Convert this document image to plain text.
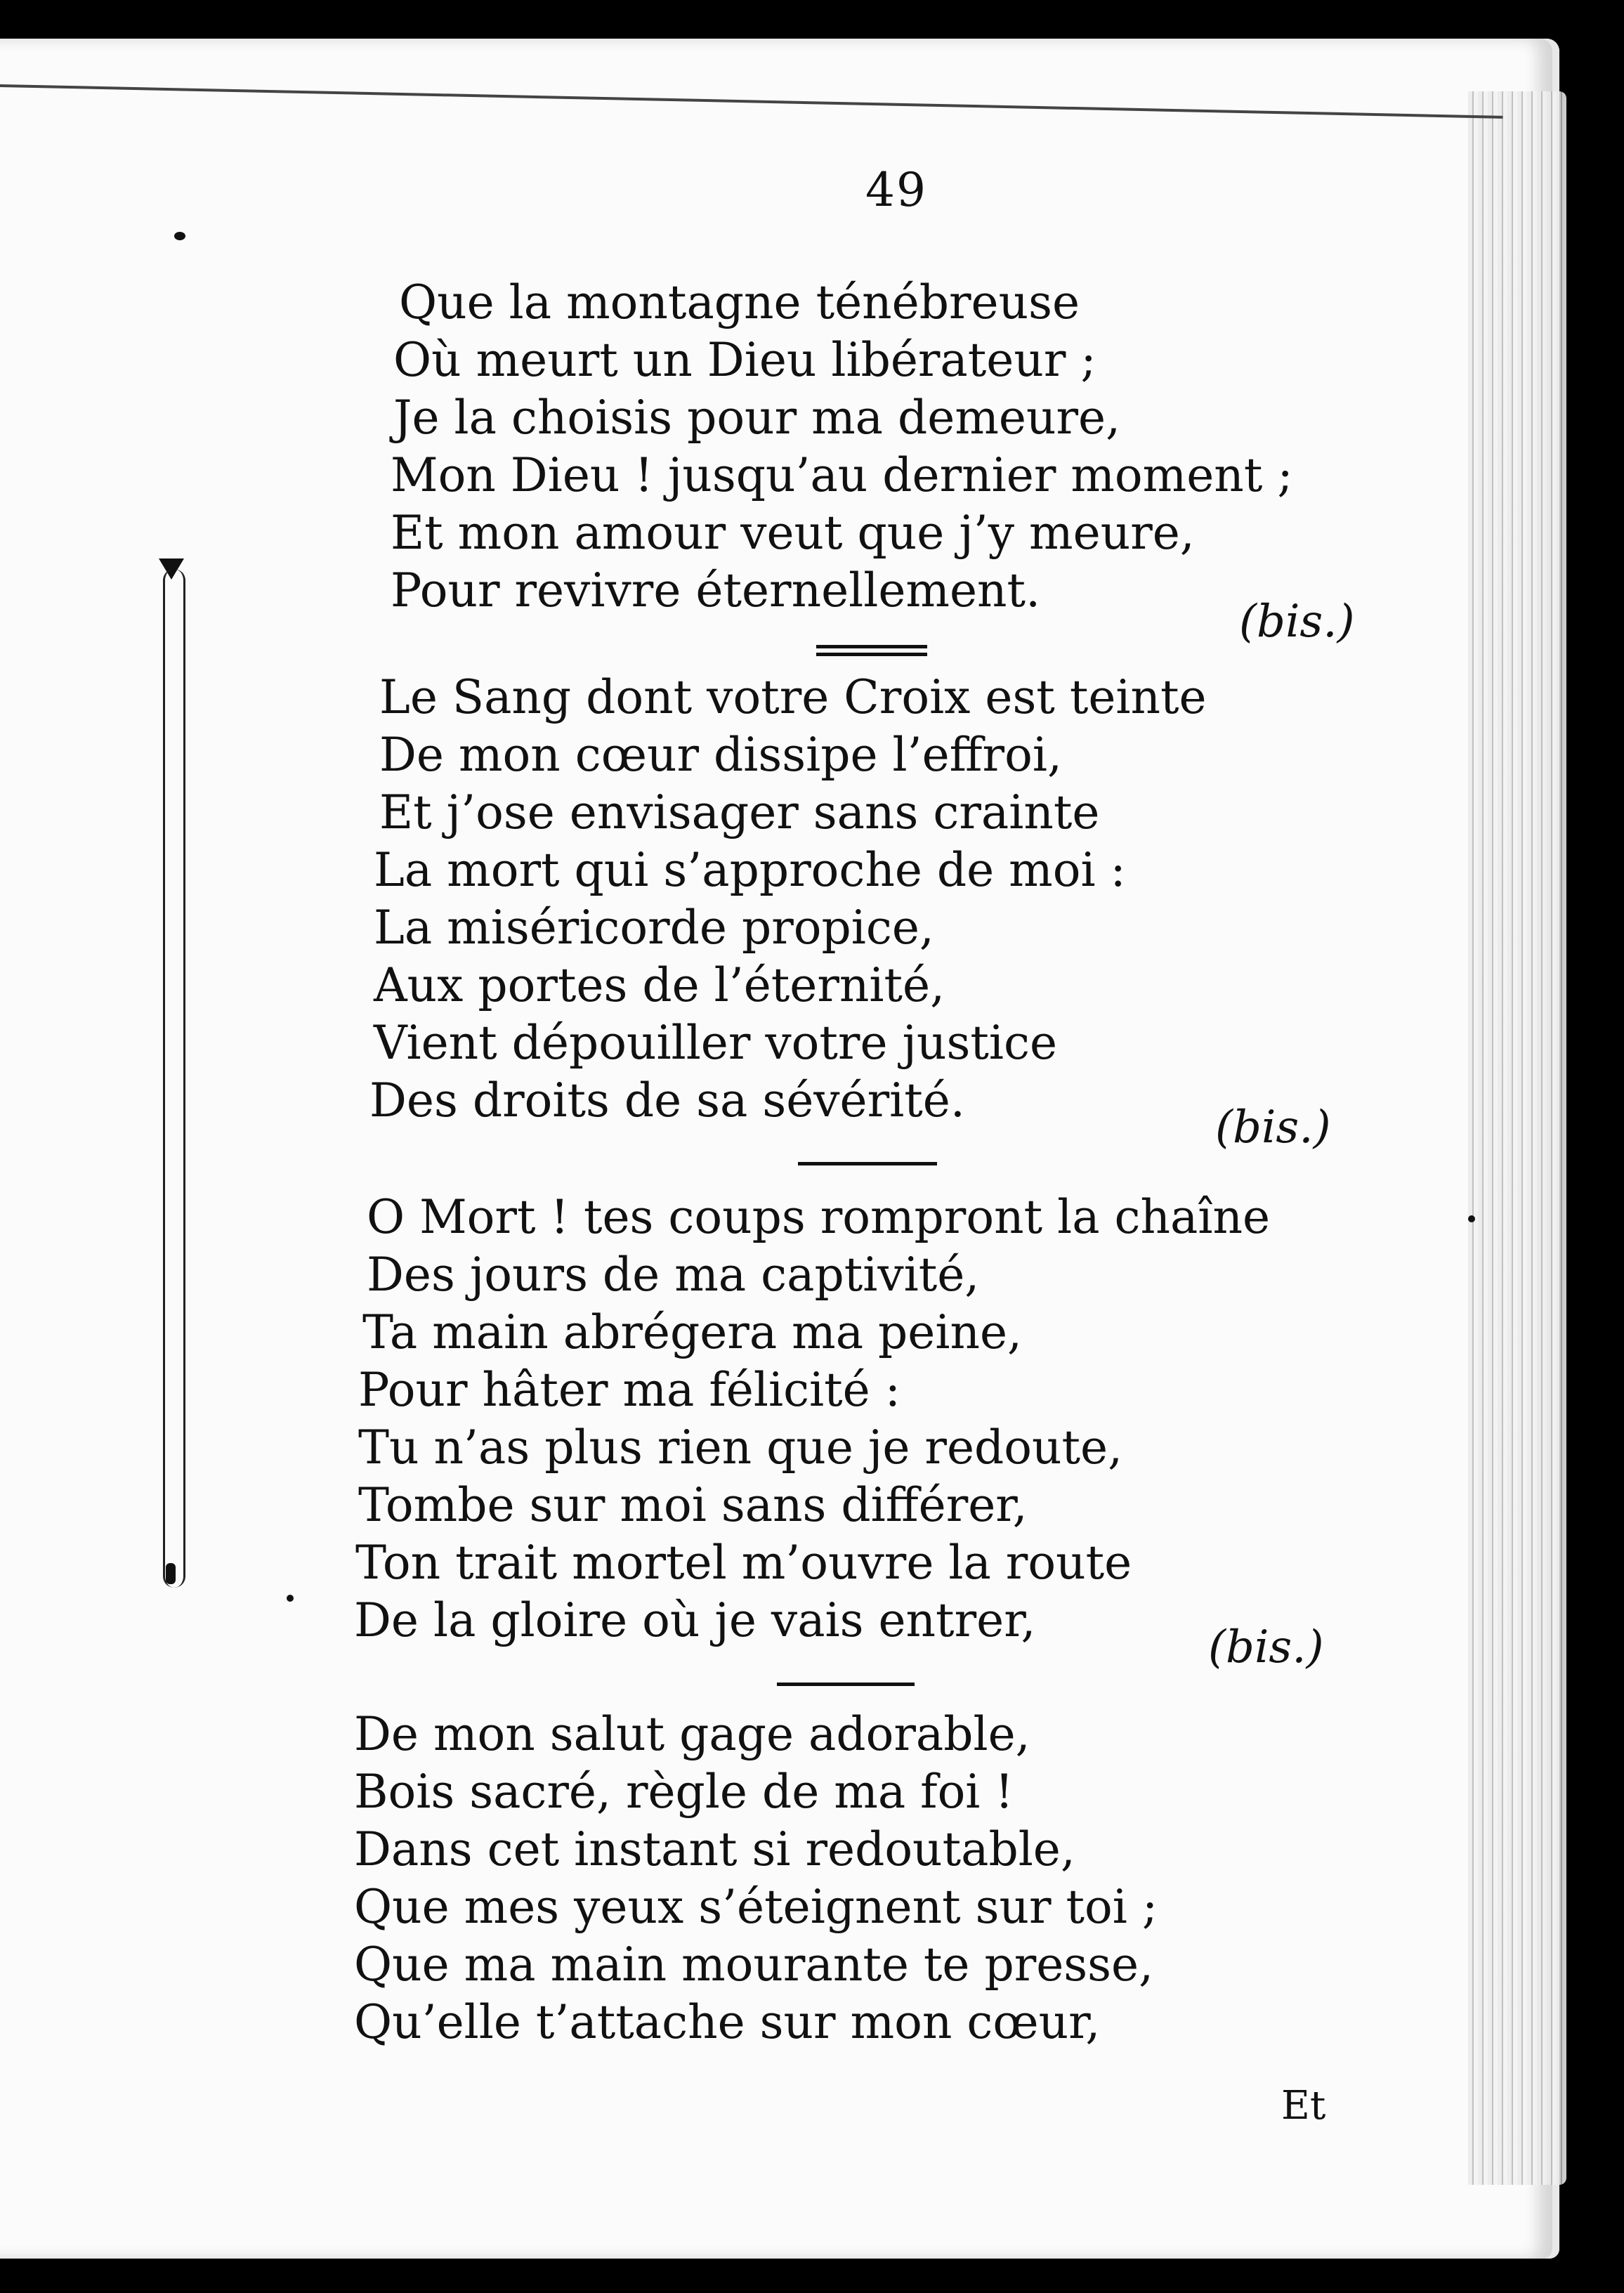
49
Que la montagne ténébreuse
Où meurt un Dieu libérateur ;
Je la choisis pour ma demeure,
Mon Dieu ! jusqu’au dernier moment ;
Et mon amour veut que j’y meure,
Pour revivre éternellement.
(bis.)
Le Sang dont votre Croix est teinte
De mon cœur dissipe l’effroi,
Et j’ose envisager sans crainte
La mort qui s’approche de moi :
La miséricorde propice,
Aux portes de l’éternité,
Vient dépouiller votre justice
Des droits de sa sévérité.	(bis.)
O Mort ! tes coups rompront la chaîne
Des jours de ma captivité,
Ta main abrégera ma peine,
Pour hâter ma félicité :
Tu n’as plus rien que je redoute,
Tombe sur moi sans différer,
Ton trait mortel m’ouvre la route
De la gloire où je vais entrer,	(bis.)
De mon salut gage adorable,
Bois sacré, règle de ma foi !
Dans cet instant si redoutable,
Que mes yeux s’éteignent sur toi ;
Que ma main mourante te presse,
Qu’elle t’attache sur mon cœur,
Et
